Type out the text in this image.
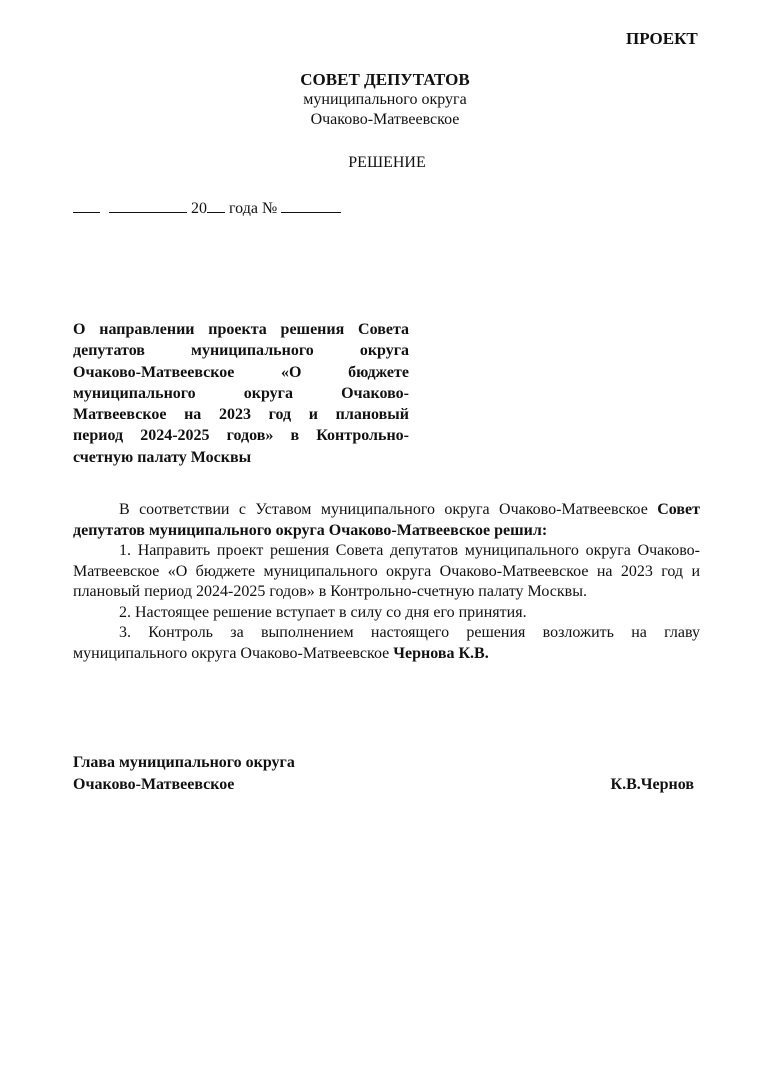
ПРОЕКТ
СОВЕТ ДЕПУТАТОВ
муниципального округа
Очаково-Матвеевское
РЕШЕНИЕ
20 года №
О направлении проекта решения Совета
депутатов муниципального округа
Очаково-Матвеевское «О бюджете
муниципального округа Очаково-
Матвеевское на 2023 год и плановый
период 2024-2025 годов» в Контрольно-
счетную палату Москвы
В соответствии с Уставом муниципального округа Очаково-Матвеевское Совет депутатов муниципального округа Очаково-Матвеевское решил:
1. Направить проект решения Совета депутатов муниципального округа Очаково-Матвеевское «О бюджете муниципального округа Очаково-Матвеевское на 2023 год и плановый период 2024-2025 годов» в Контрольно-счетную палату Москвы.
2. Настоящее решение вступает в силу со дня его принятия.
3. Контроль за выполнением настоящего решения возложить на главу муниципального округа Очаково-Матвеевское Чернова К.В.
Глава муниципального округа
Очаково-Матвеевское	К.В.Чернов
